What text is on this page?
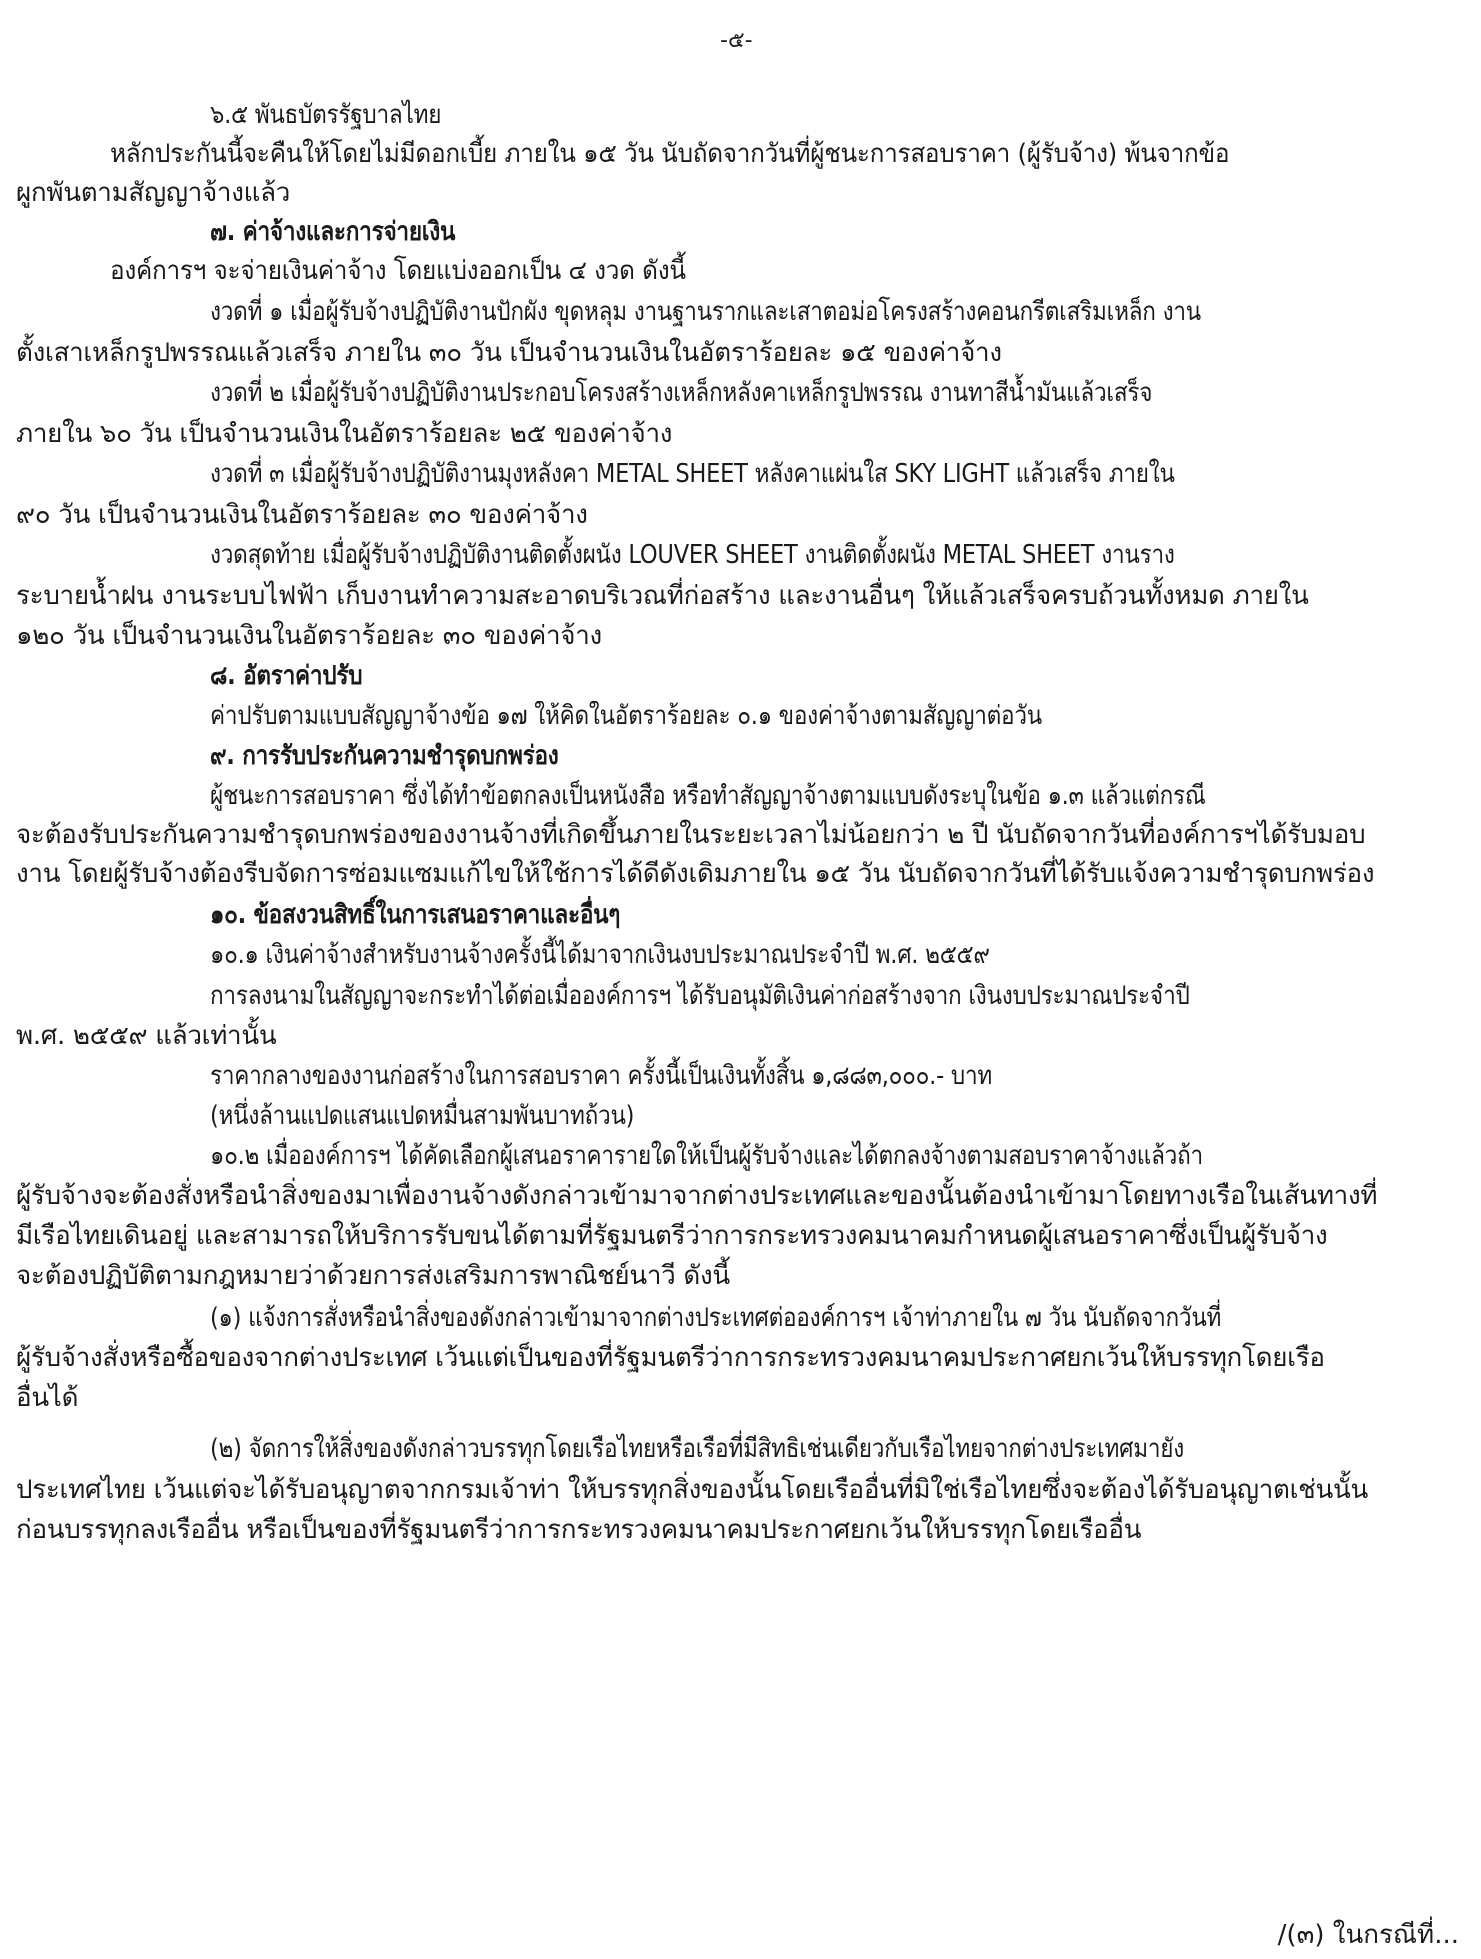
-๕-
๖.๕ พันธบัตรรัฐบาลไทย
หลักประกันนี้จะคืนให้โดยไม่มีดอกเบี้ย ภายใน ๑๕ วัน นับถัดจากวันที่ผู้ชนะการสอบราคา (ผู้รับจ้าง) พ้นจากข้อ
ผูกพันตามสัญญาจ้างแล้ว
๗. ค่าจ้างและการจ่ายเงิน
องค์การฯ จะจ่ายเงินค่าจ้าง โดยแบ่งออกเป็น ๔ งวด ดังนี้
งวดที่ ๑ เมื่อผู้รับจ้างปฏิบัติงานปักผัง ขุดหลุม งานฐานรากและเสาตอม่อโครงสร้างคอนกรีตเสริมเหล็ก งาน
ตั้งเสาเหล็กรูปพรรณแล้วเสร็จ ภายใน ๓๐ วัน เป็นจำนวนเงินในอัตราร้อยละ ๑๕ ของค่าจ้าง
งวดที่ ๒ เมื่อผู้รับจ้างปฏิบัติงานประกอบโครงสร้างเหล็กหลังคาเหล็กรูปพรรณ งานทาสีน้ำมันแล้วเสร็จ
ภายใน ๖๐ วัน เป็นจำนวนเงินในอัตราร้อยละ ๒๕ ของค่าจ้าง
งวดที่ ๓ เมื่อผู้รับจ้างปฏิบัติงานมุงหลังคา METAL SHEET หลังคาแผ่นใส SKY LIGHT แล้วเสร็จ ภายใน
๙๐ วัน เป็นจำนวนเงินในอัตราร้อยละ ๓๐ ของค่าจ้าง
งวดสุดท้าย เมื่อผู้รับจ้างปฏิบัติงานติดตั้งผนัง LOUVER SHEET งานติดตั้งผนัง METAL SHEET งานราง
ระบายน้ำฝน งานระบบไฟฟ้า เก็บงานทำความสะอาดบริเวณที่ก่อสร้าง และงานอื่นๆ ให้แล้วเสร็จครบถ้วนทั้งหมด ภายใน
๑๒๐ วัน เป็นจำนวนเงินในอัตราร้อยละ ๓๐ ของค่าจ้าง
๘. อัตราค่าปรับ
ค่าปรับตามแบบสัญญาจ้างข้อ ๑๗ ให้คิดในอัตราร้อยละ ๐.๑ ของค่าจ้างตามสัญญาต่อวัน
๙. การรับประกันความชำรุดบกพร่อง
ผู้ชนะการสอบราคา ซึ่งได้ทำข้อตกลงเป็นหนังสือ หรือทำสัญญาจ้างตามแบบดังระบุในข้อ ๑.๓ แล้วแต่กรณี
จะต้องรับประกันความชำรุดบกพร่องของงานจ้างที่เกิดขึ้นภายในระยะเวลาไม่น้อยกว่า ๒ ปี นับถัดจากวันที่องค์การฯได้รับมอบ
งาน โดยผู้รับจ้างต้องรีบจัดการซ่อมแซมแก้ไขให้ใช้การได้ดีดังเดิมภายใน ๑๕ วัน นับถัดจากวันที่ได้รับแจ้งความชำรุดบกพร่อง
๑๐. ข้อสงวนสิทธิ์ในการเสนอราคาและอื่นๆ
๑๐.๑ เงินค่าจ้างสำหรับงานจ้างครั้งนี้ได้มาจากเงินงบประมาณประจำปี พ.ศ. ๒๕๕๙
การลงนามในสัญญาจะกระทำได้ต่อเมื่อองค์การฯ ได้รับอนุมัติเงินค่าก่อสร้างจาก เงินงบประมาณประจำปี
พ.ศ. ๒๕๕๙ แล้วเท่านั้น
ราคากลางของงานก่อสร้างในการสอบราคา ครั้งนี้เป็นเงินทั้งสิ้น ๑,๘๘๓,๐๐๐.- บาท
(หนึ่งล้านแปดแสนแปดหมื่นสามพันบาทถ้วน)
๑๐.๒ เมื่อองค์การฯ ได้คัดเลือกผู้เสนอราคารายใดให้เป็นผู้รับจ้างและได้ตกลงจ้างตามสอบราคาจ้างแล้วถ้า
ผู้รับจ้างจะต้องสั่งหรือนำสิ่งของมาเพื่องานจ้างดังกล่าวเข้ามาจากต่างประเทศและของนั้นต้องนำเข้ามาโดยทางเรือในเส้นทางที่
มีเรือไทยเดินอยู่ และสามารถให้บริการรับขนได้ตามที่รัฐมนตรีว่าการกระทรวงคมนาคมกำหนดผู้เสนอราคาซึ่งเป็นผู้รับจ้าง
จะต้องปฏิบัติตามกฎหมายว่าด้วยการส่งเสริมการพาณิชย์นาวี ดังนี้
(๑) แจ้งการสั่งหรือนำสิ่งของดังกล่าวเข้ามาจากต่างประเทศต่อองค์การฯ เจ้าท่าภายใน ๗ วัน นับถัดจากวันที่
ผู้รับจ้างสั่งหรือซื้อของจากต่างประเทศ เว้นแต่เป็นของที่รัฐมนตรีว่าการกระทรวงคมนาคมประกาศยกเว้นให้บรรทุกโดยเรือ
อื่นได้
(๒) จัดการให้สิ่งของดังกล่าวบรรทุกโดยเรือไทยหรือเรือที่มีสิทธิเช่นเดียวกับเรือไทยจากต่างประเทศมายัง
ประเทศไทย เว้นแต่จะได้รับอนุญาตจากกรมเจ้าท่า ให้บรรทุกสิ่งของนั้นโดยเรืออื่นที่มิใช่เรือไทยซึ่งจะต้องได้รับอนุญาตเช่นนั้น
ก่อนบรรทุกลงเรืออื่น หรือเป็นของที่รัฐมนตรีว่าการกระทรวงคมนาคมประกาศยกเว้นให้บรรทุกโดยเรืออื่น
/(๓) ในกรณีที่...
